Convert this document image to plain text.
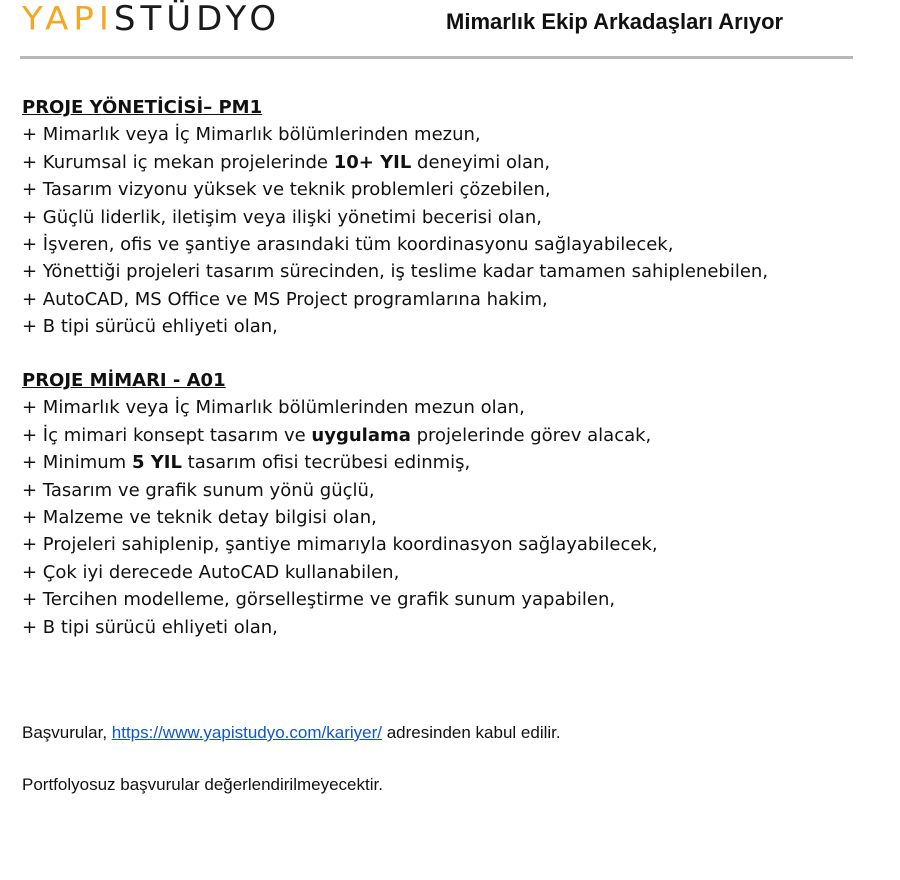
YAPI STÜDYO	Mimarlık Ekip Arkadaşları Arıyor
PROJE YÖNETİCİSİ– PM1
+ Mimarlık veya İç Mimarlık bölümlerinden mezun,
+ Kurumsal iç mekan projelerinde 10+ YIL deneyimi olan,
+ Tasarım vizyonu yüksek ve teknik problemleri çözebilen,
+ Güçlü liderlik, iletişim veya ilişki yönetimi becerisi olan,
+ İşveren, ofis ve şantiye arasındaki tüm koordinasyonu sağlayabilecek,
+ Yönettiği projeleri tasarım sürecinden, iş teslime kadar tamamen sahiplenebilen,
+ AutoCAD, MS Office ve MS Project programlarına hakim,
+ B tipi sürücü ehliyeti olan,
PROJE MİMARI - A01
+ Mimarlık veya İç Mimarlık bölümlerinden mezun olan,
+ İç mimari konsept tasarım ve uygulama projelerinde görev alacak,
+ Minimum 5 YIL tasarım ofisi tecrübesi edinmiş,
+ Tasarım ve grafik sunum yönü güçlü,
+ Malzeme ve teknik detay bilgisi olan,
+ Projeleri sahiplenip, şantiye mimarıyla koordinasyon sağlayabilecek,
+ Çok iyi derecede AutoCAD kullanabilen,
+ Tercihen modelleme, görselleştirme ve grafik sunum yapabilen,
+ B tipi sürücü ehliyeti olan,
Başvurular, https://www.yapistudyo.com/kariyer/ adresinden kabul edilir.
Portfolyosuz başvurular değerlendirilmeyecektir.
